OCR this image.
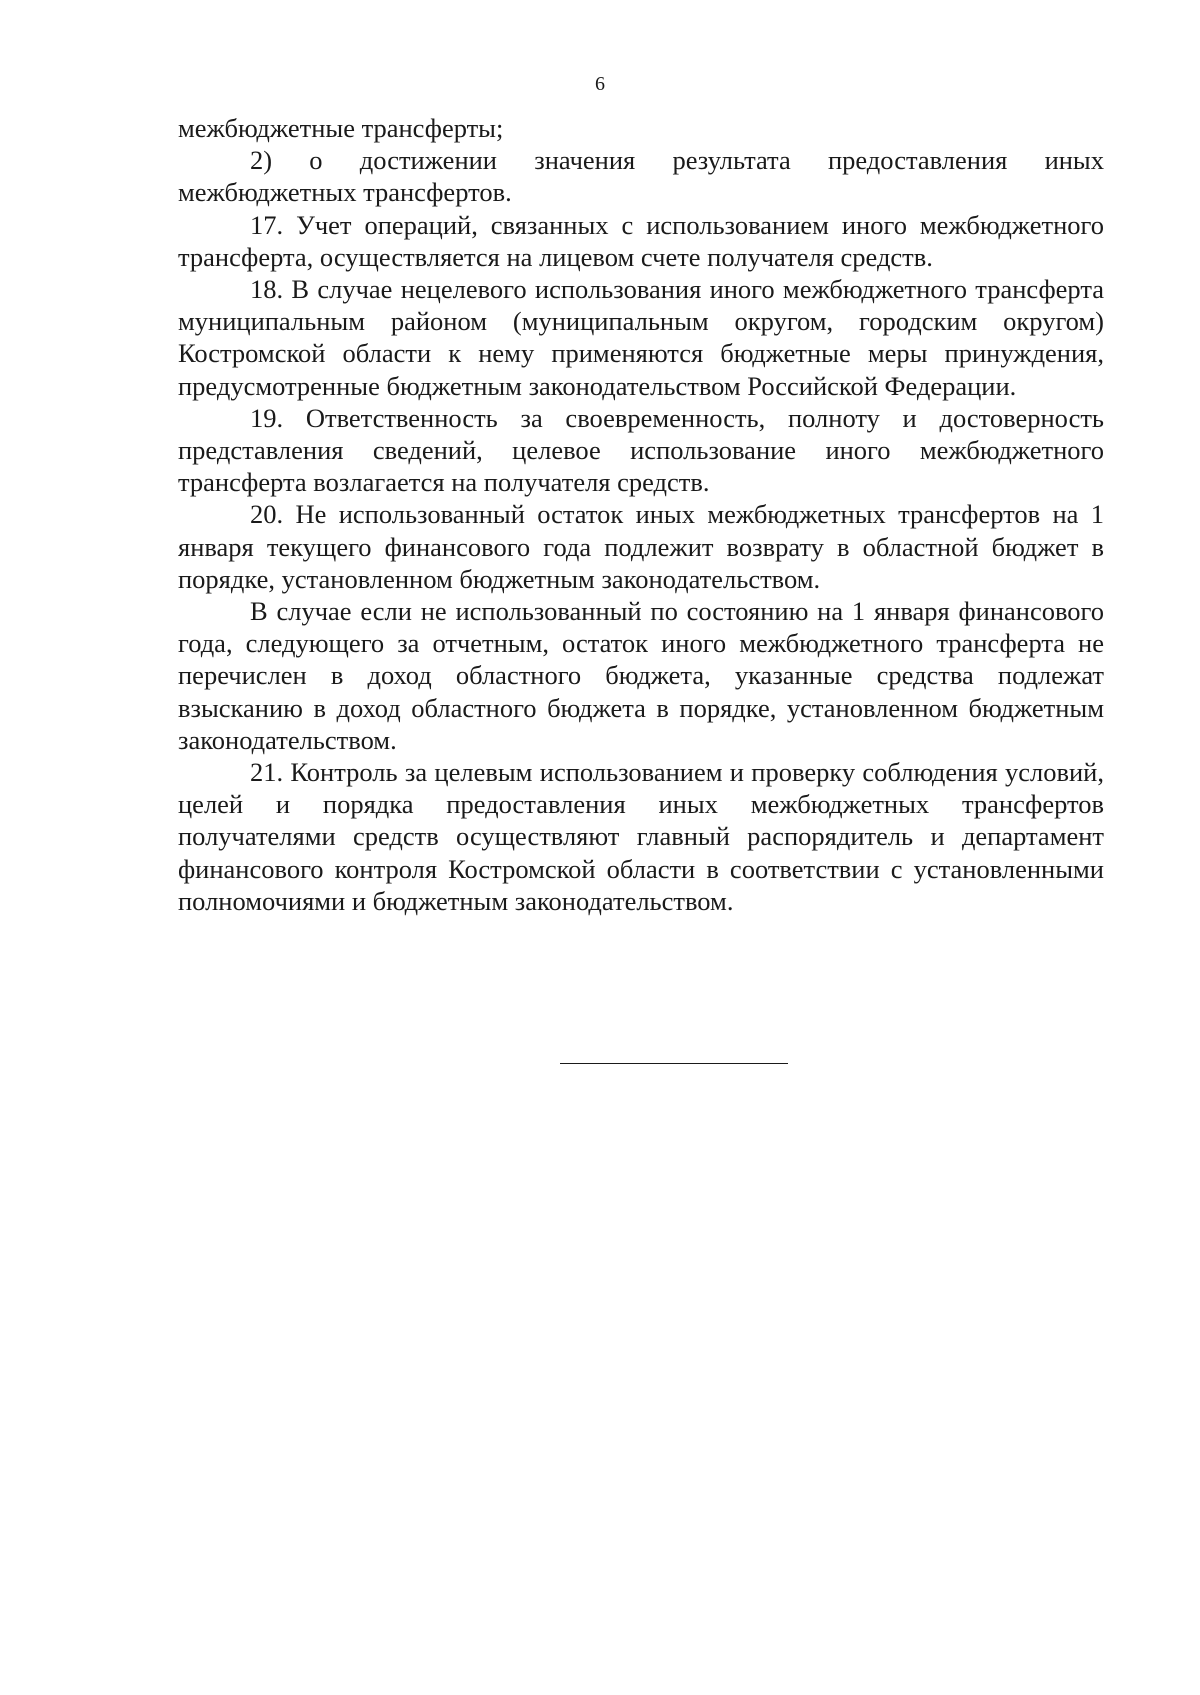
6

межбюджетные трансферты;

2) о достижении значения результата предоставления иных межбюджетных трансфертов.

17. Учет операций, связанных с использованием иного межбюджетного трансферта, осуществляется на лицевом счете получателя средств.

18. В случае нецелевого использования иного межбюджетного трансферта муниципальным районом (муниципальным округом, городским округом) Костромской области к нему применяются бюджетные меры принуждения, предусмотренные бюджетным законодательством Российской Федерации.

19. Ответственность за своевременность, полноту и достоверность представления сведений, целевое использование иного межбюджетного трансферта возлагается на получателя средств.

20. Не использованный остаток иных межбюджетных трансфертов на 1 января текущего финансового года подлежит возврату в областной бюджет в порядке, установленном бюджетным законодательством.

В случае если не использованный по состоянию на 1 января финансового года, следующего за отчетным, остаток иного межбюджетного трансферта не перечислен в доход областного бюджета, указанные средства подлежат взысканию в доход областного бюджета в порядке, установленном бюджетным законодательством.

21. Контроль за целевым использованием и проверку соблюдения условий, целей и порядка предоставления иных межбюджетных трансфертов получателями средств осуществляют главный распорядитель и департамент финансового контроля Костромской области в соответствии с установленными полномочиями и бюджетным законодательством.
